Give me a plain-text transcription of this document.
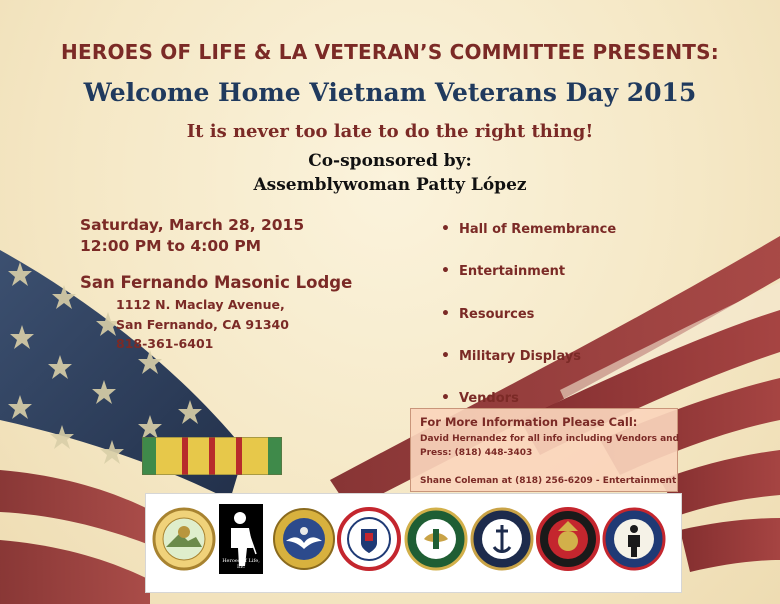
HEROES OF LIFE & LA VETERAN’S COMMITTEE PRESENTS:

Welcome Home Vietnam Veterans Day 2015

It is never too late to do the right thing!

Co-sponsored by:

Assemblywoman Patty López

Saturday, March 28, 2015

12:00 PM to 4:00 PM

San Fernando Masonic Lodge

1112 N. Maclay Avenue,

San Fernando, CA 91340

818-361-6401

• Hall of Remembrance
• Entertainment
• Resources
• Military Displays
• Vendors

For More Information Please Call:

David Hernandez for all info including Vendors and

Press: (818) 448-3403

Shane Coleman at (818) 256-6209 - Entertainment

Heroes of Life, Inc
